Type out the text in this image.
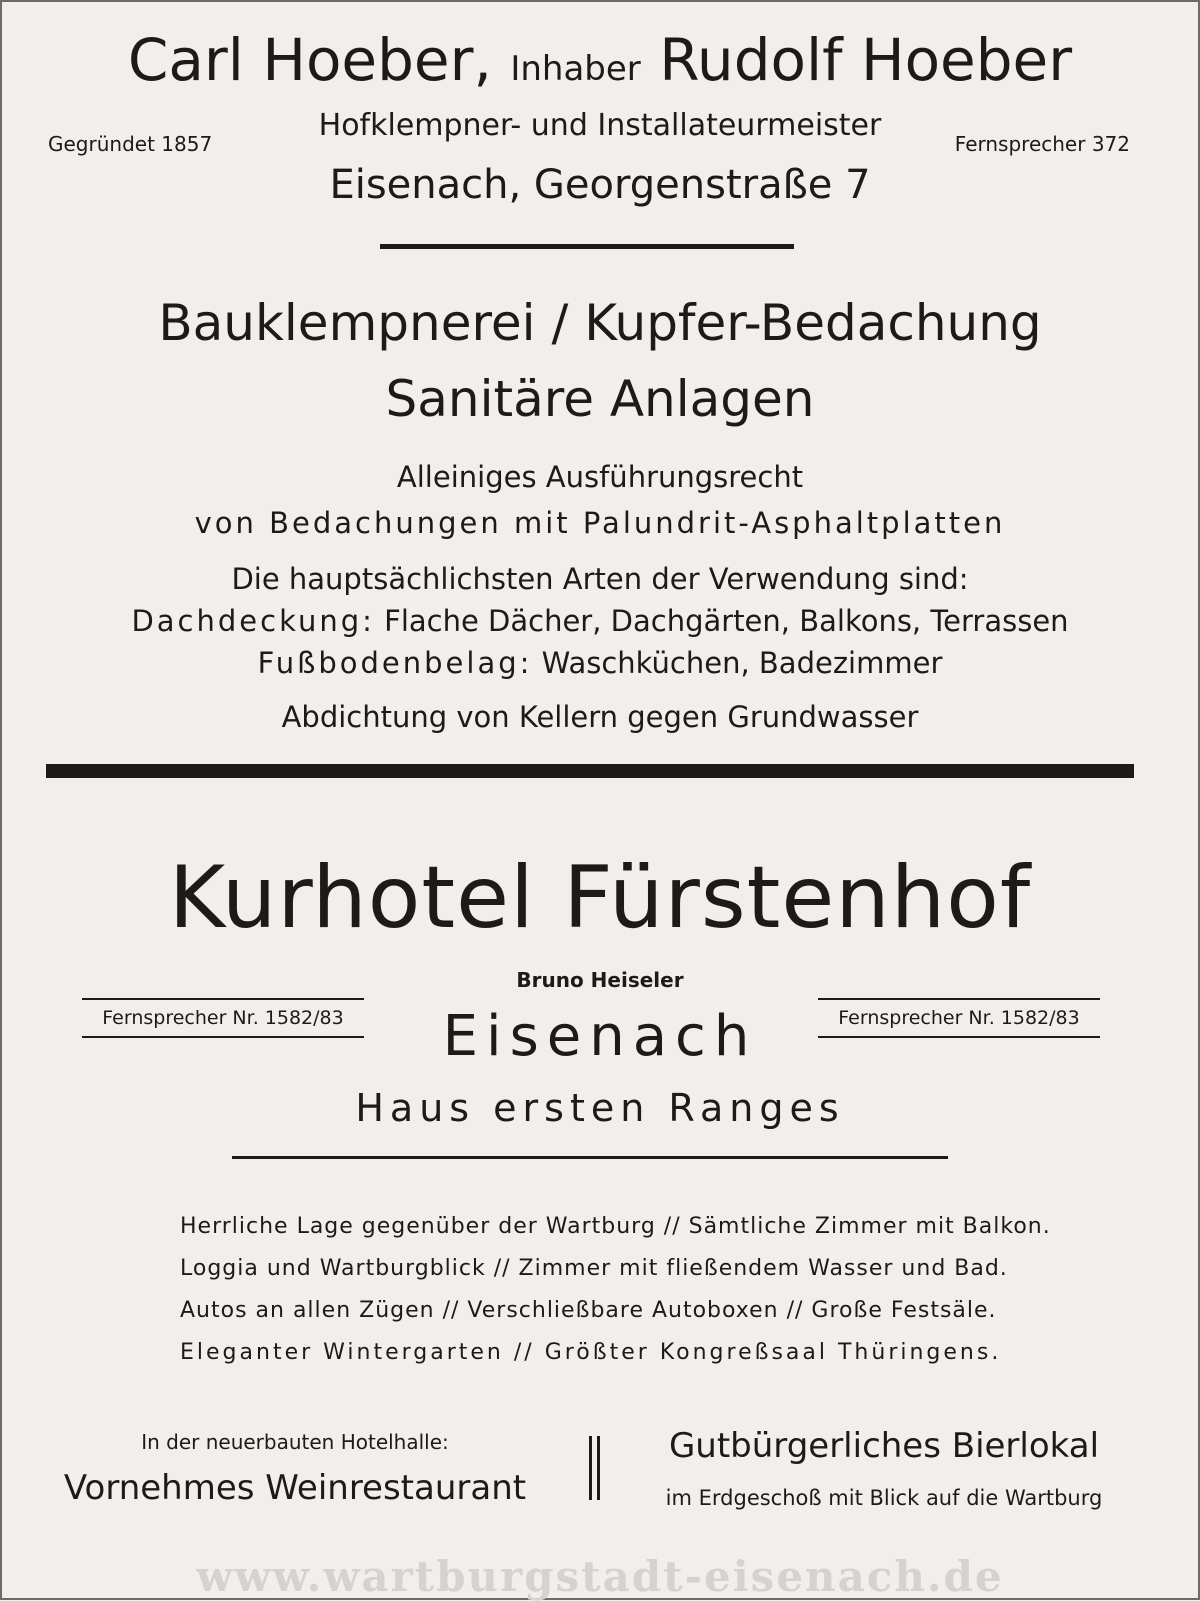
Carl Hoeber, Inhaber Rudolf Hoeber
Gegründet 1857	Fernsprecher 372
Hofklempner- und Installateurmeister
Eisenach, Georgenstraße 7
Bauklempnerei / Kupfer-Bedachung
Sanitäre Anlagen
Alleiniges Ausführungsrecht
von Bedachungen mit Palundrit-Asphaltplatten
Die hauptsächlichsten Arten der Verwendung sind:
Dachdeckung: Flache Dächer, Dachgärten, Balkons, Terrassen
Fußbodenbelag: Waschküchen, Badezimmer
Abdichtung von Kellern gegen Grundwasser
Kurhotel Fürstenhof
Bruno Heiseler
Fernsprecher Nr. 1582/83	Fernsprecher Nr. 1582/83
Eisenach
Haus ersten Ranges
Herrliche Lage gegenüber der Wartburg // Sämtliche Zimmer mit Balkon.
Loggia und Wartburgblick // Zimmer mit fließendem Wasser und Bad.
Autos an allen Zügen // Verschließbare Autoboxen // Große Festsäle.
Eleganter Wintergarten // Größter Kongreßsaal Thüringens.
In der neuerbauten Hotelhalle:
Vornehmes Weinrestaurant
Gutbürgerliches Bierlokal
im Erdgeschoß mit Blick auf die Wartburg
www.wartburgstadt-eisenach.de
